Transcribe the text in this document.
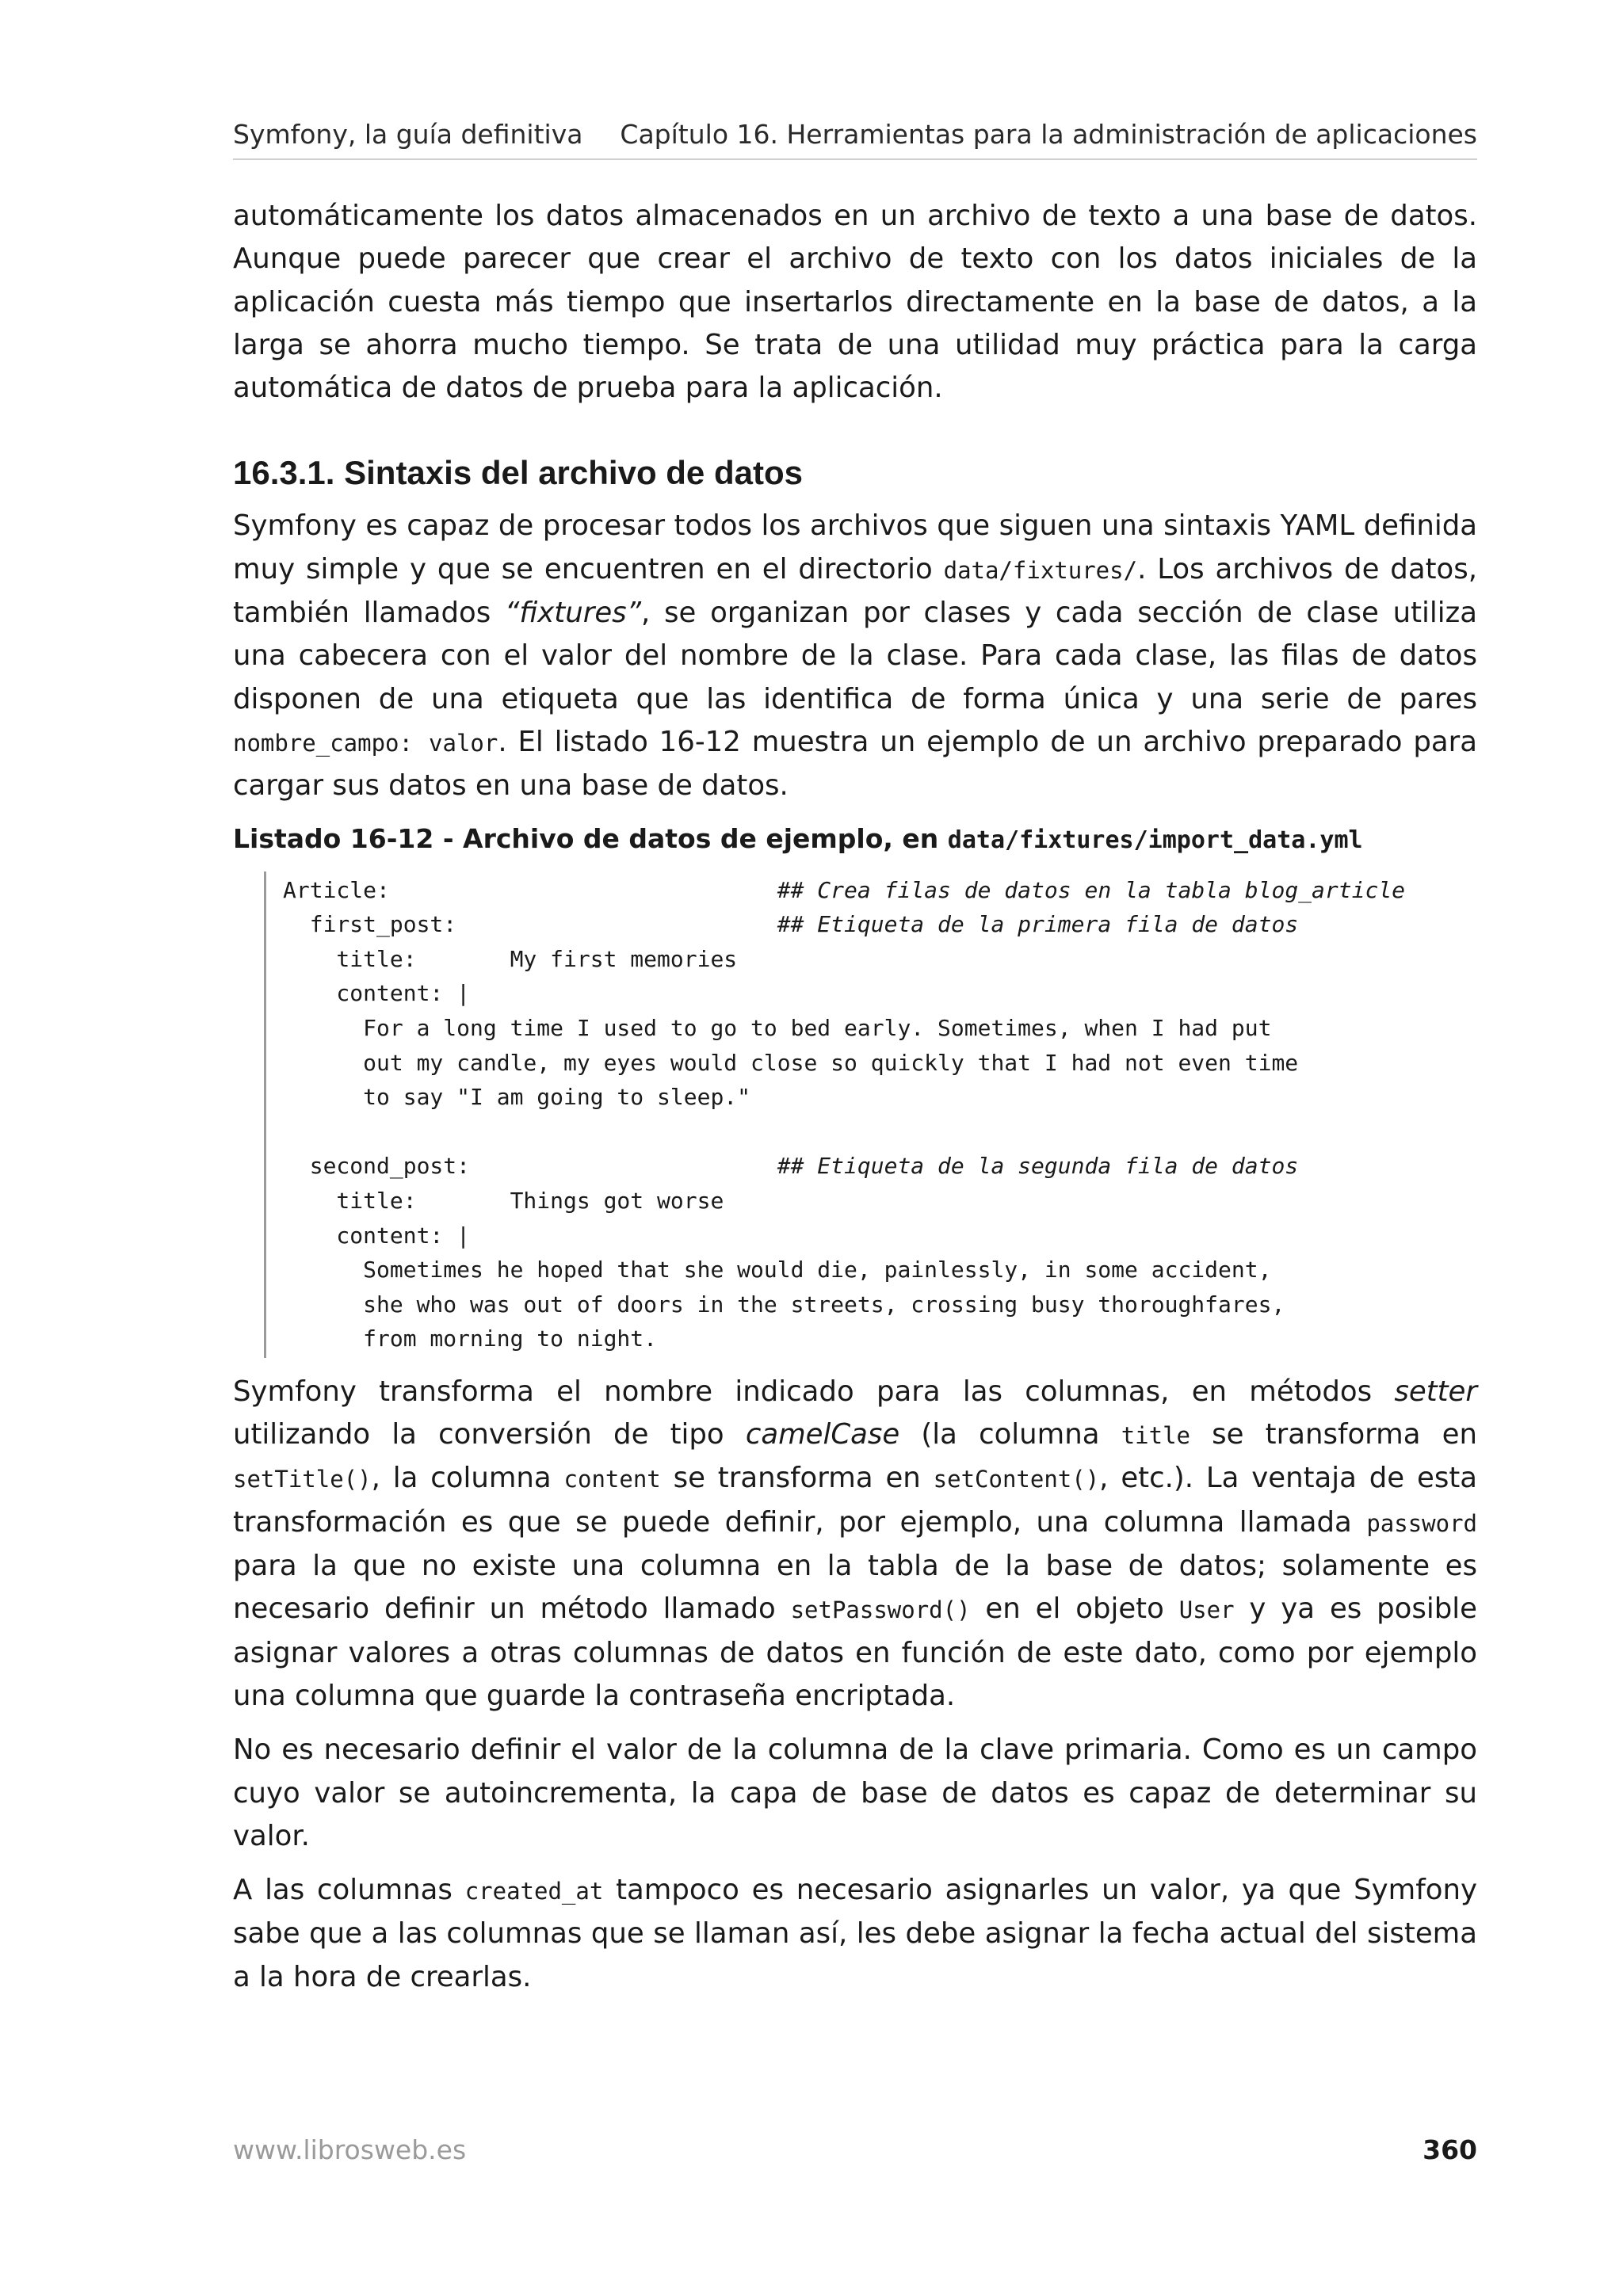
Symfony, la guía definitiva Capítulo 16. Herramientas para la administración de aplicaciones

automáticamente los datos almacenados en un archivo de texto a una base de datos. Aunque puede parecer que crear el archivo de texto con los datos iniciales de la aplicación cuesta más tiempo que insertarlos directamente en la base de datos, a la larga se ahorra mucho tiempo. Se trata de una utilidad muy práctica para la carga automática de datos de prueba para la aplicación.

16.3.1. Sintaxis del archivo de datos

Symfony es capaz de procesar todos los archivos que siguen una sintaxis YAML definida muy simple y que se encuentren en el directorio data/fixtures/. Los archivos de datos, también llamados “fixtures”, se organizan por clases y cada sección de clase utiliza una cabecera con el valor del nombre de la clase. Para cada clase, las filas de datos disponen de una etiqueta que las identifica de forma única y una serie de pares nombre_campo: valor. El listado 16-12 muestra un ejemplo de un archivo preparado para cargar sus datos en una base de datos.

Listado 16-12 - Archivo de datos de ejemplo, en data/fixtures/import_data.yml
Article:                             ## Crea filas de datos en la tabla blog_article
first_post:                        ## Etiqueta de la primera fila de datos
title:       My first memories
content: |
For a long time I used to go to bed early. Sometimes, when I had put
out my candle, my eyes would close so quickly that I had not even time
to say "I am going to sleep."
second_post:                       ## Etiqueta de la segunda fila de datos
title:       Things got worse
content: |
Sometimes he hoped that she would die, painlessly, in some accident,
she who was out of doors in the streets, crossing busy thoroughfares,
from morning to night.

Symfony transforma el nombre indicado para las columnas, en métodos setter utilizando la conversión de tipo camelCase (la columna title se transforma en setTitle(), la columna content se transforma en setContent(), etc.). La ventaja de esta transformación es que se puede definir, por ejemplo, una columna llamada password para la que no existe una columna en la tabla de la base de datos; solamente es necesario definir un método llamado setPassword() en el objeto User y ya es posible asignar valores a otras columnas de datos en función de este dato, como por ejemplo una columna que guarde la contraseña encriptada.

No es necesario definir el valor de la columna de la clave primaria. Como es un campo cuyo valor se autoincrementa, la capa de base de datos es capaz de determinar su valor.

A las columnas created_at tampoco es necesario asignarles un valor, ya que Symfony sabe que a las columnas que se llaman así, les debe asignar la fecha actual del sistema a la hora de crearlas.

www.librosweb.es	360
